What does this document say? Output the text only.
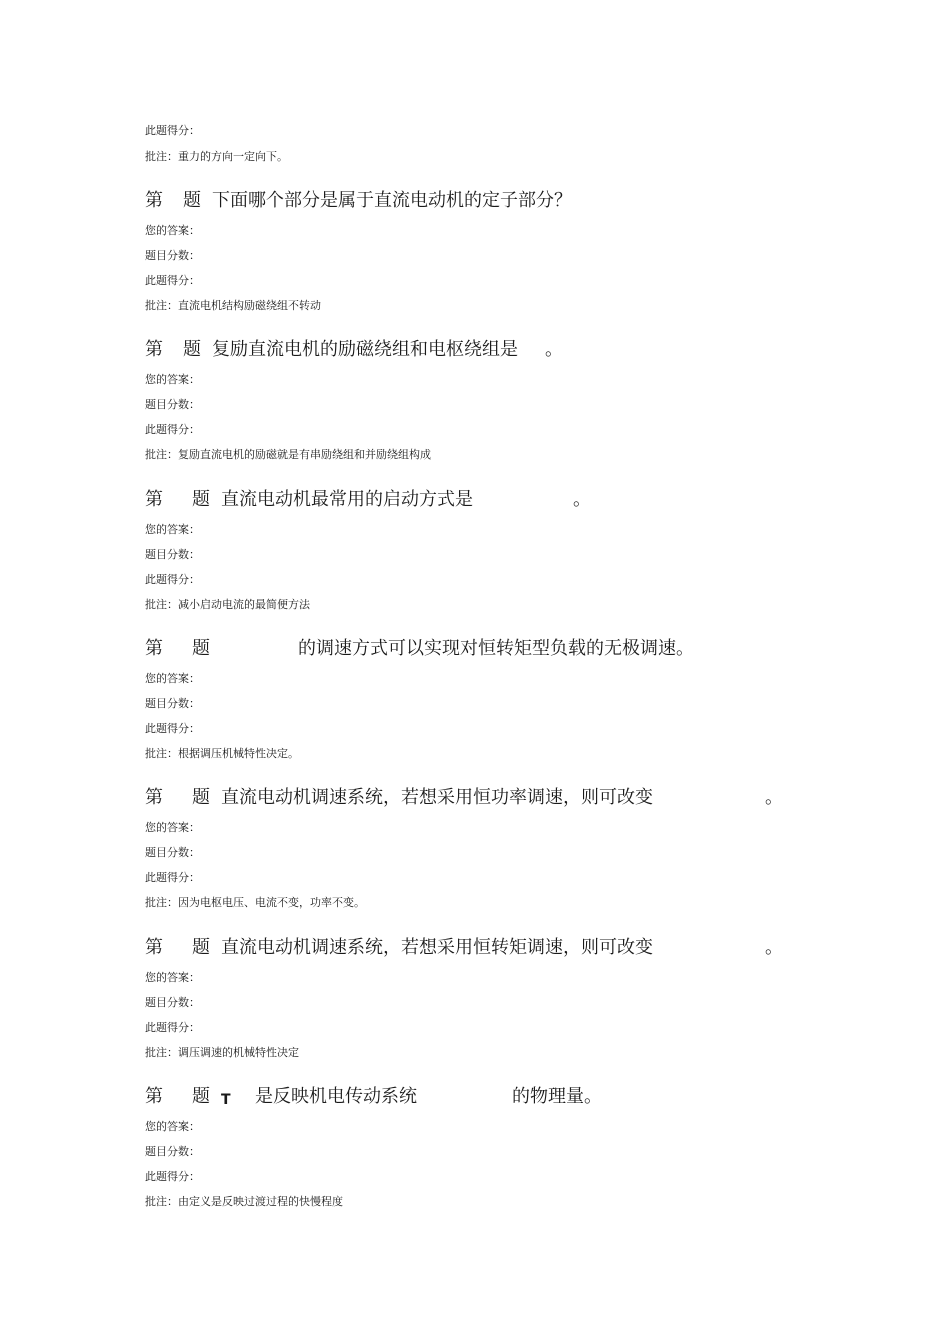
此题得分：
批注：重力的方向一定向下。
第 题 下面哪个部分是属于直流电动机的定子部分？
您的答案：
题目分数：
此题得分：
批注：直流电机结构励磁绕组不转动
第 题 复励直流电机的励磁绕组和电枢绕组是 。
您的答案：
题目分数：
此题得分：
批注：复励直流电机的励磁就是有串励绕组和并励绕组构成
第 题 直流电动机最常用的启动方式是	。
您的答案：
题目分数：
此题得分：
批注：减小启动电流的最简便方法
第 题	的调速方式可以实现对恒转矩型负载的无极调速。
您的答案：
题目分数：
此题得分：
批注：根据调压机械特性决定。
第 题 直流电动机调速系统，若想采用恒功率调速，则可改变	。
您的答案：
题目分数：
此题得分：
批注：因为电枢电压、电流不变，功率不变。
第 题 直流电动机调速系统，若想采用恒转矩调速，则可改变	。
您的答案：
题目分数：
此题得分：
批注：调压调速的机械特性决定
第 题 T 是反映机电传动系统	的物理量。
您的答案：
题目分数：
此题得分：
批注：由定义是反映过渡过程的快慢程度
